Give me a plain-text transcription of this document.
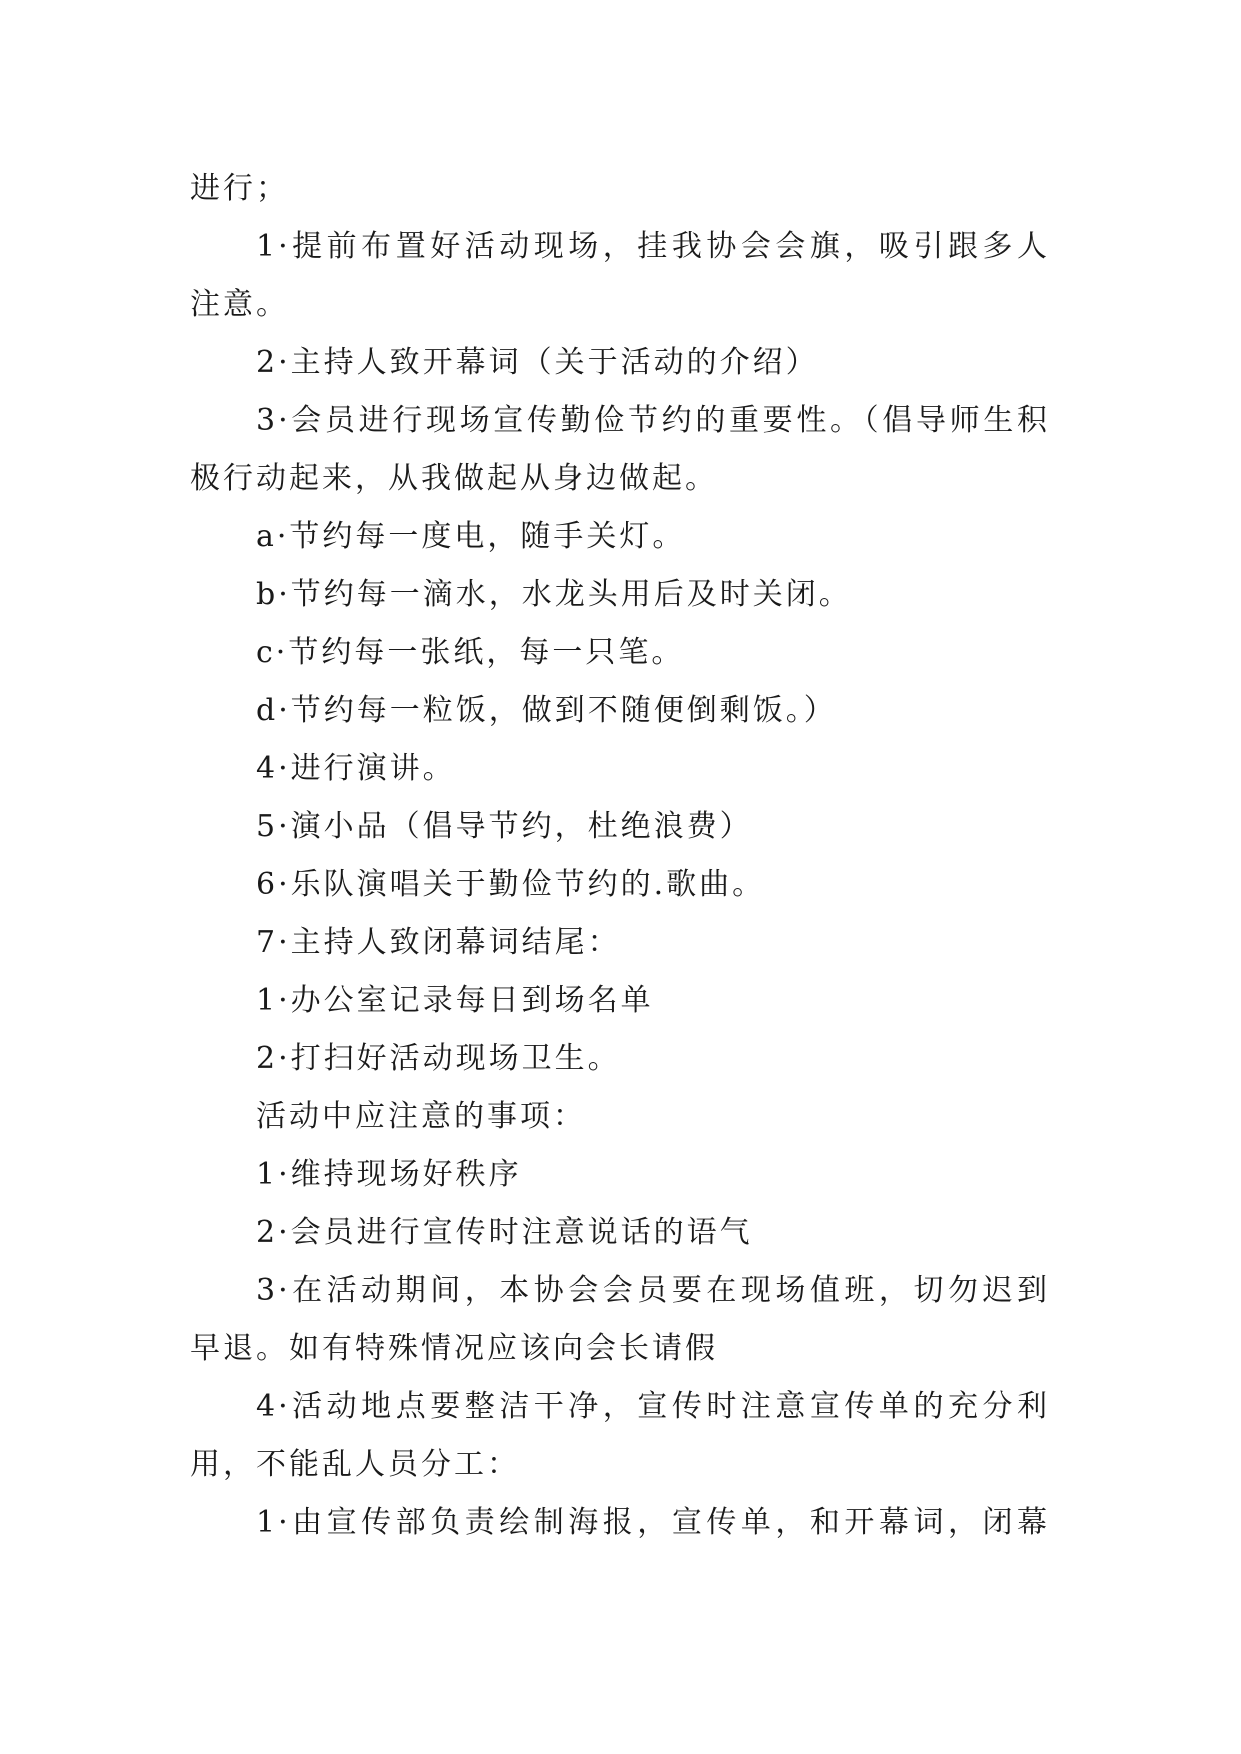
进行；
1·提前布置好活动现场，挂我协会会旗，吸引跟多人
注意。
2·主持人致开幕词（关于活动的介绍）
3·会员进行现场宣传勤俭节约的重要性。（倡导师生积
极行动起来，从我做起从身边做起。
a·节约每一度电，随手关灯。
b·节约每一滴水，水龙头用后及时关闭。
c·节约每一张纸，每一只笔。
d·节约每一粒饭，做到不随便倒剩饭。）
4·进行演讲。
5·演小品（倡导节约，杜绝浪费）
6·乐队演唱关于勤俭节约的.歌曲。
7·主持人致闭幕词结尾：
1·办公室记录每日到场名单
2·打扫好活动现场卫生。
活动中应注意的事项：
1·维持现场好秩序
2·会员进行宣传时注意说话的语气
3·在活动期间，本协会会员要在现场值班，切勿迟到
早退。如有特殊情况应该向会长请假
4·活动地点要整洁干净，宣传时注意宣传单的充分利
用，不能乱人员分工：
1·由宣传部负责绘制海报，宣传单，和开幕词，闭幕
